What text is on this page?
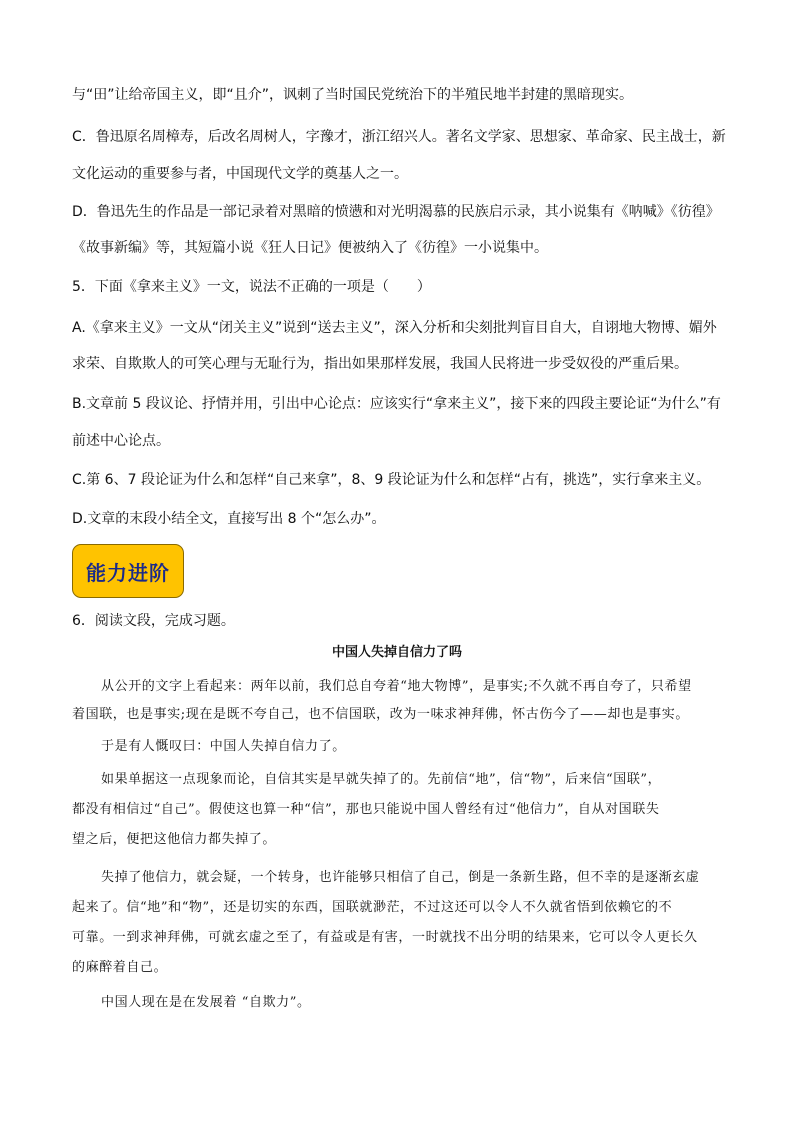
与“田”让给帝国主义，即“且介”，讽刺了当时国民党统治下的半殖民地半封建的黑暗现实。
C．鲁迅原名周樟寿，后改名周树人，字豫才，浙江绍兴人。著名文学家、思想家、革命家、民主战士，新
文化运动的重要参与者，中国现代文学的奠基人之一。
D．鲁迅先生的作品是一部记录着对黑暗的愤懑和对光明渴慕的民族启示录，其小说集有《呐喊》《彷徨》
《故事新编》等，其短篇小说《狂人日记》便被纳入了《彷徨》一小说集中。
5．下面《拿来主义》一文，说法不正确的一项是（　　）
A.《拿来主义》一文从“闭关主义”说到“送去主义”，深入分析和尖刻批判盲目自大，自诩地大物博、媚外
求荣、自欺欺人的可笑心理与无耻行为，指出如果那样发展，我国人民将进一步受奴役的严重后果。
B.文章前 5 段议论、抒情并用，引出中心论点：应该实行“拿来主义”，接下来的四段主要论证“为什么”有
前述中心论点。
C.第 6、7 段论证为什么和怎样“自己来拿”，8、9 段论证为什么和怎样“占有，挑选”，实行拿来主义。
D.文章的末段小结全文，直接写出 8 个“怎么办”。
能力进阶
6．阅读文段，完成习题。
中国人失掉自信力了吗
从公开的文字上看起来：两年以前，我们总自夸着“地大物博”，是事实;不久就不再自夸了，只希望
着国联，也是事实;现在是既不夸自己，也不信国联，改为一味求神拜佛，怀古伤今了——却也是事实。
于是有人慨叹曰：中国人失掉自信力了。
如果单据这一点现象而论，自信其实是早就失掉了的。先前信“地”，信“物”，后来信“国联”，
都没有相信过“自己”。假使这也算一种“信”，那也只能说中国人曾经有过“他信力”，自从对国联失
望之后，便把这他信力都失掉了。
失掉了他信力，就会疑，一个转身，也许能够只相信了自己，倒是一条新生路，但不幸的是逐渐玄虚
起来了。信“地”和“物”，还是切实的东西，国联就渺茫，不过这还可以令人不久就省悟到依赖它的不
可靠。一到求神拜佛，可就玄虚之至了，有益或是有害，一时就找不出分明的结果来，它可以令人更长久
的麻醉着自己。
中国人现在是在发展着 “自欺力”。
